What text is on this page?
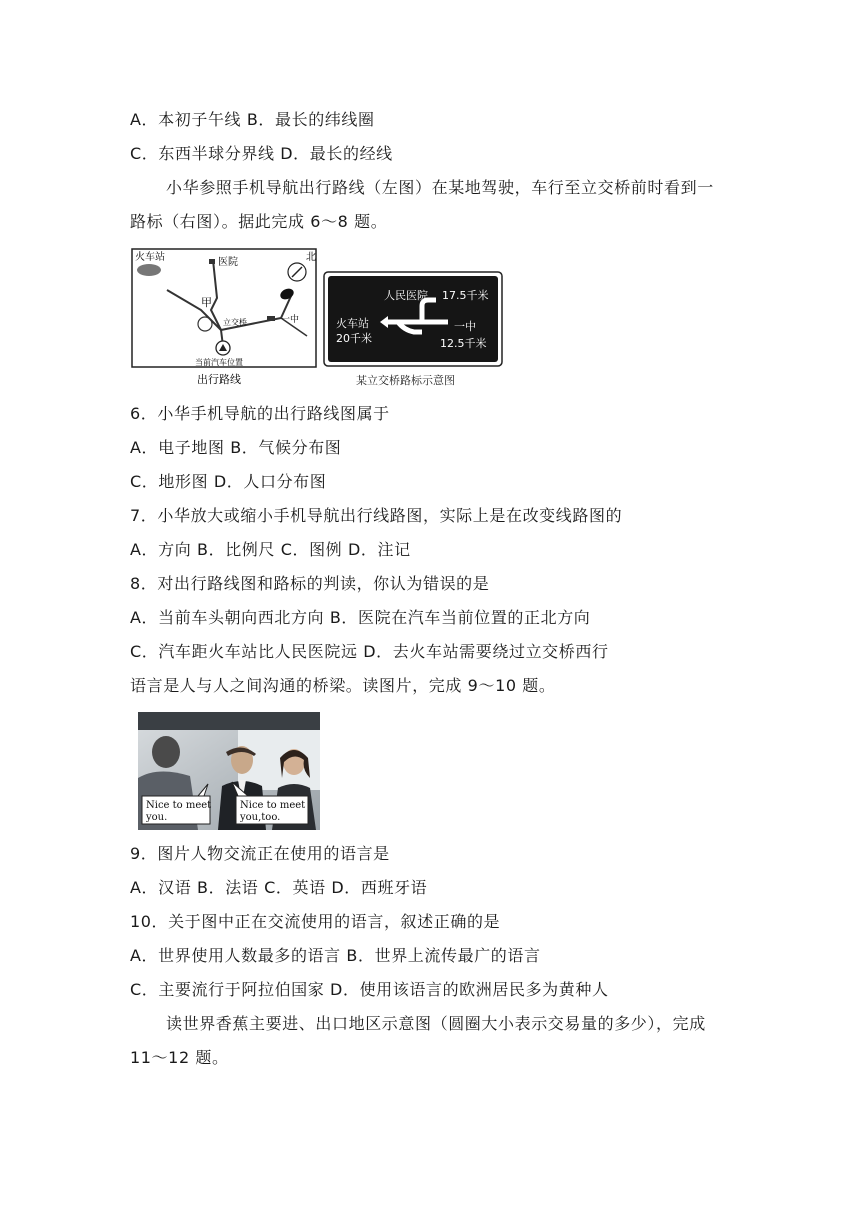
A．本初子午线 B．最长的纬线圈
C．东西半球分界线 D．最长的经线
小华参照手机导航出行路线（左图）在某地驾驶，车行至立交桥前时看到一
路标（右图）。据此完成 6～8 题。
火车站	医院	北
甲
立交桥	一中
当前汽车位置
出行路线
人民医院 17.5千米
火车站
20千米
一中
12.5千米
某立交桥路标示意图
6．小华手机导航的出行路线图属于
A．电子地图 B．气候分布图
C．地形图 D．人口分布图
7．小华放大或缩小手机导航出行线路图，实际上是在改变线路图的
A．方向 B．比例尺 C．图例 D．注记
8．对出行路线图和路标的判读，你认为错误的是
A．当前车头朝向西北方向 B．医院在汽车当前位置的正北方向
C．汽车距火车站比人民医院远 D．去火车站需要绕过立交桥西行
语言是人与人之间沟通的桥梁。读图片，完成 9～10 题。
Nice to meet
you.
Nice to meet
you,too.
9．图片人物交流正在使用的语言是
A．汉语 B．法语 C．英语 D．西班牙语
10．关于图中正在交流使用的语言，叙述正确的是
A．世界使用人数最多的语言 B．世界上流传最广的语言
C．主要流行于阿拉伯国家 D．使用该语言的欧洲居民多为黄种人
读世界香蕉主要进、出口地区示意图（圆圈大小表示交易量的多少），完成
11～12 题。
